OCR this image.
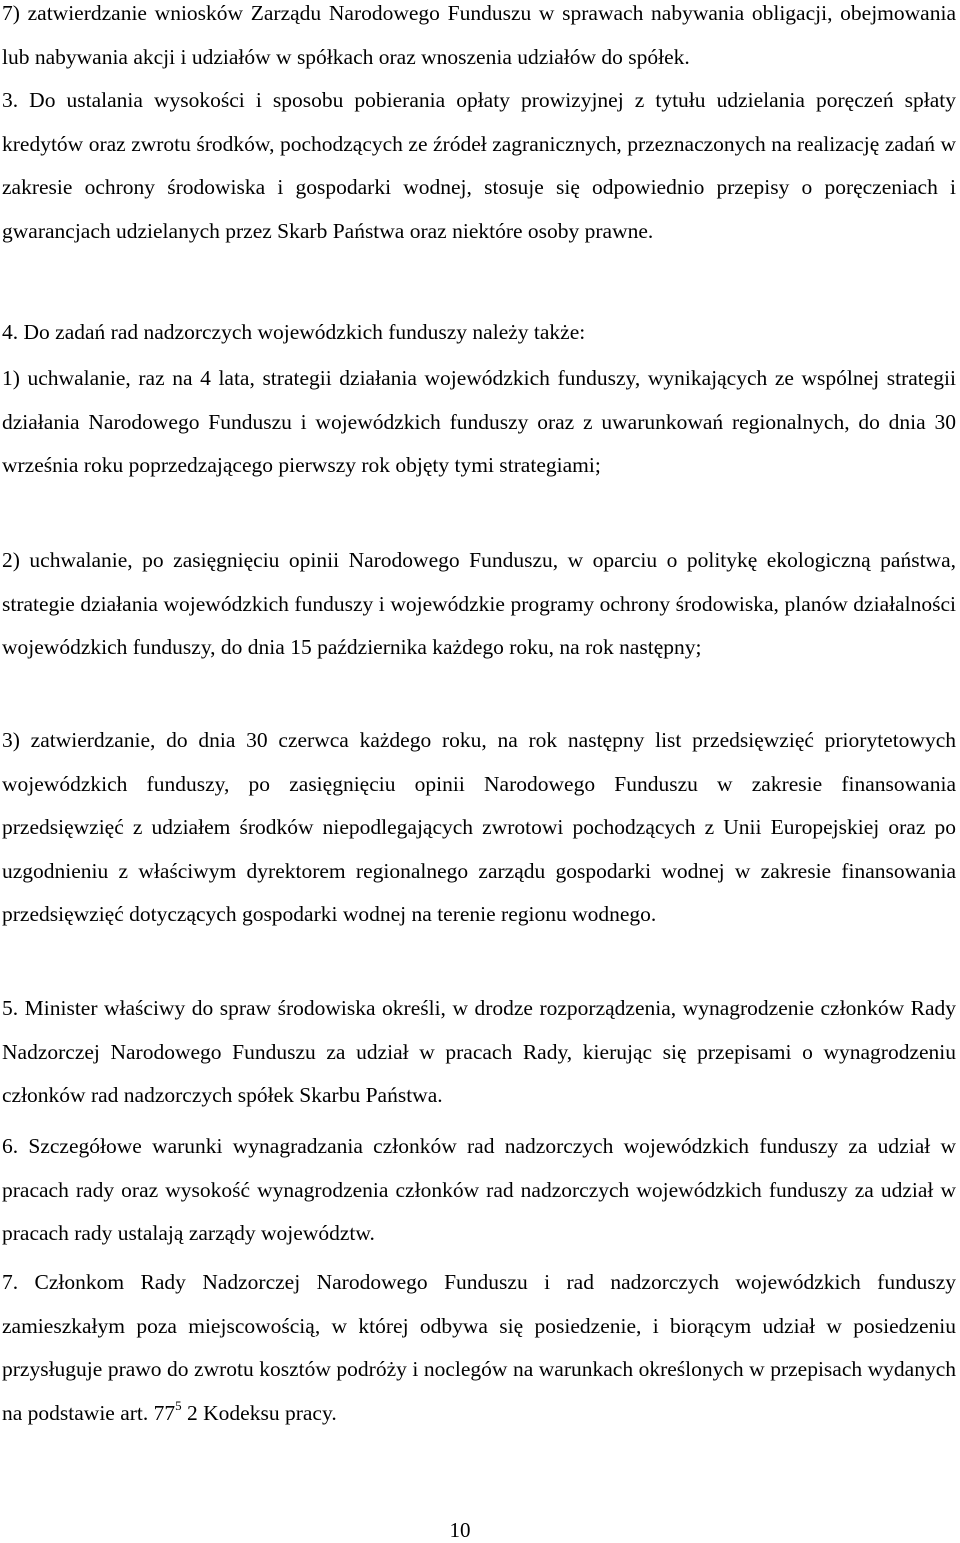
7) zatwierdzanie wniosków Zarządu Narodowego Funduszu w sprawach nabywania obligacji, obejmowania lub nabywania akcji i udziałów w spółkach oraz wnoszenia udziałów do spółek.

3. Do ustalania wysokości i sposobu pobierania opłaty prowizyjnej z tytułu udzielania poręczeń spłaty kredytów oraz zwrotu środków, pochodzących ze źródeł zagranicznych, przeznaczonych na realizację zadań w zakresie ochrony środowiska i gospodarki wodnej, stosuje się odpowiednio przepisy o poręczeniach i gwarancjach udzielanych przez Skarb Państwa oraz niektóre osoby prawne.

4. Do zadań rad nadzorczych wojewódzkich funduszy należy także:

1) uchwalanie, raz na 4 lata, strategii działania wojewódzkich funduszy, wynikających ze wspólnej strategii działania Narodowego Funduszu i wojewódzkich funduszy oraz z uwarunkowań regionalnych, do dnia 30 września roku poprzedzającego pierwszy rok objęty tymi strategiami;

2) uchwalanie, po zasięgnięciu opinii Narodowego Funduszu, w oparciu o politykę ekologiczną państwa, strategie działania wojewódzkich funduszy i wojewódzkie programy ochrony środowiska, planów działalności wojewódzkich funduszy, do dnia 15 października każdego roku, na rok następny;

3) zatwierdzanie, do dnia 30 czerwca każdego roku, na rok następny list przedsięwzięć priorytetowych wojewódzkich funduszy, po zasięgnięciu opinii Narodowego Funduszu w zakresie finansowania przedsięwzięć z udziałem środków niepodlegających zwrotowi pochodzących z Unii Europejskiej oraz po uzgodnieniu z właściwym dyrektorem regionalnego zarządu gospodarki wodnej w zakresie finansowania przedsięwzięć dotyczących gospodarki wodnej na terenie regionu wodnego.

5. Minister właściwy do spraw środowiska określi, w drodze rozporządzenia, wynagrodzenie członków Rady Nadzorczej Narodowego Funduszu za udział w pracach Rady, kierując się przepisami o wynagrodzeniu członków rad nadzorczych spółek Skarbu Państwa.

6. Szczegółowe warunki wynagradzania członków rad nadzorczych wojewódzkich funduszy za udział w pracach rady oraz wysokość wynagrodzenia członków rad nadzorczych wojewódzkich funduszy za udział w pracach rady ustalają zarządy województw.

7. Członkom Rady Nadzorczej Narodowego Funduszu i rad nadzorczych wojewódzkich funduszy zamieszkałym poza miejscowością, w której odbywa się posiedzenie, i biorącym udział w posiedzeniu przysługuje prawo do zwrotu kosztów podróży i noclegów na warunkach określonych w przepisach wydanych na podstawie art. $77^5$ 2 Kodeksu pracy.

10
